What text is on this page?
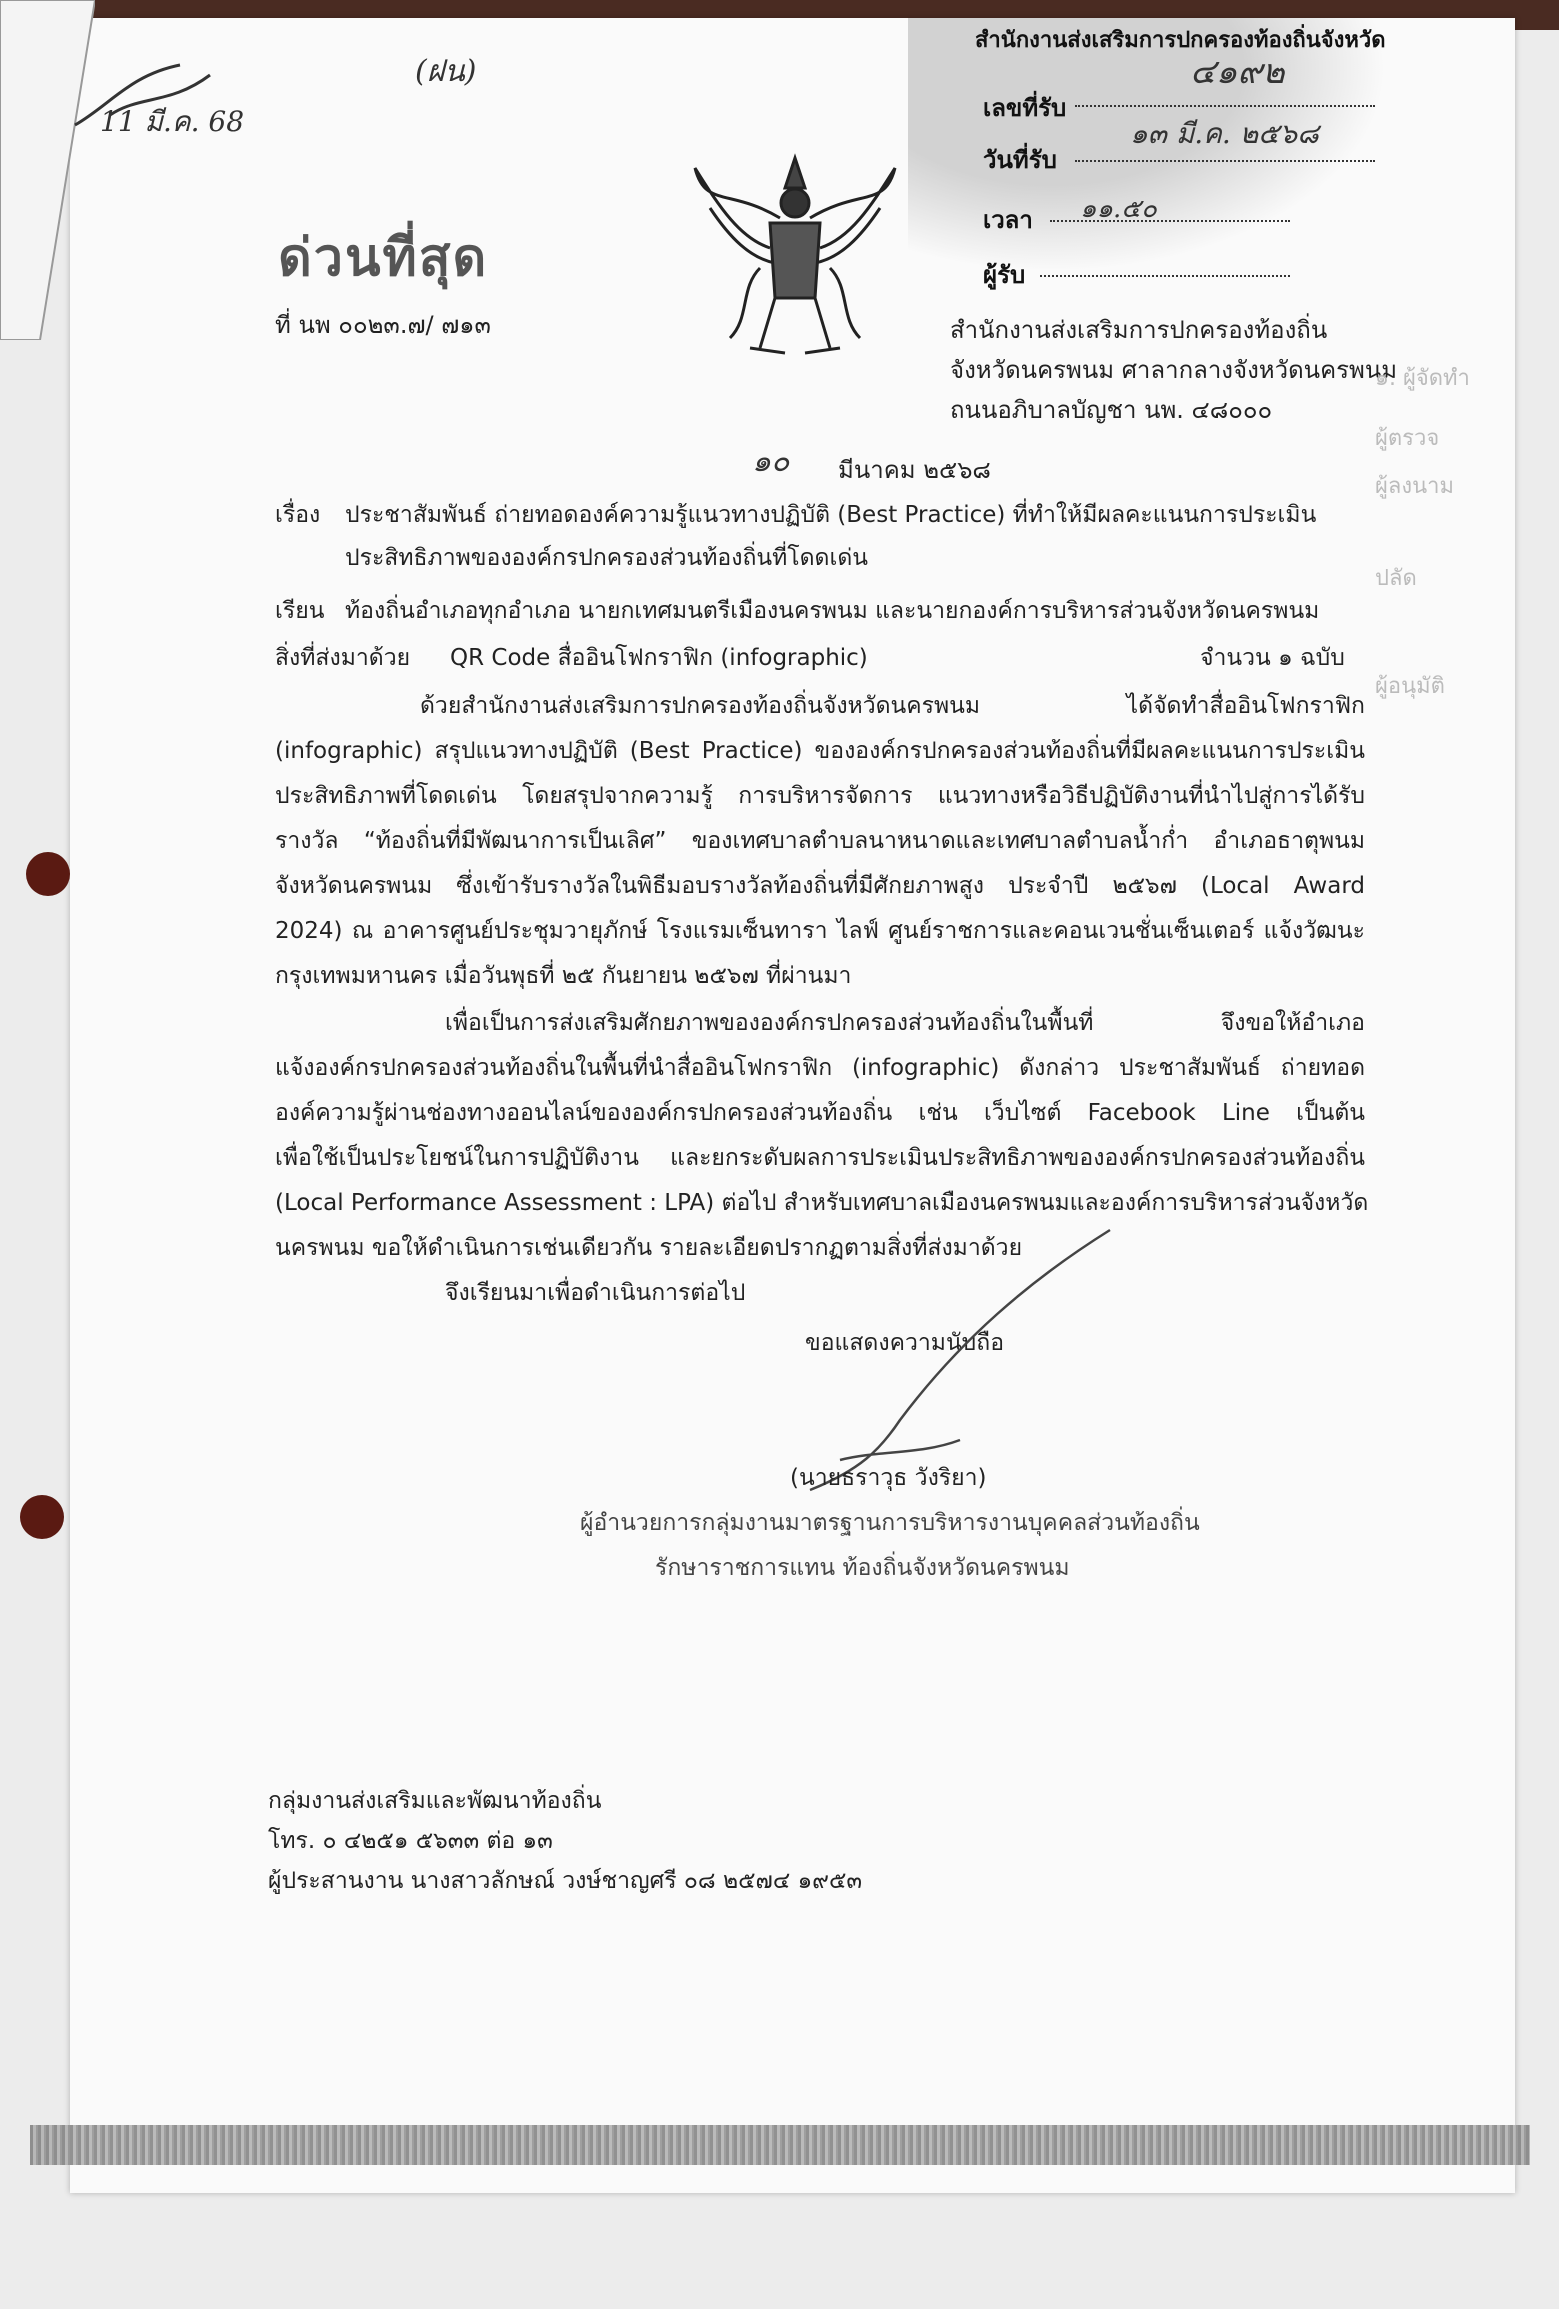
11 มี.ค. 68
(ฝน)
สำนักงานส่งเสริมการปกครองท้องถิ่นจังหวัด
เลขที่รับ
๔๑๙๒
วันที่รับ
๑๓ มี.ค. ๒๕๖๘
เวลา ๑๑.๕๐
ผู้รับ
ด่วนที่สุด
ที่ นพ ๐๐๒๓.๗/ ๗๑๓	สำนักงานส่งเสริมการปกครองท้องถิ่น
จังหวัดนครพนม ศาลากลางจังหวัดนครพนม
ถนนอภิบาลบัญชา นพ. ๔๘๐๐๐
๑๐ มีนาคม ๒๕๖๘
๑. ผู้จัดทำ
ผู้ตรวจ
ผู้ลงนาม
ปลัด
ผู้อนุมัติ
เรื่อง ประชาสัมพันธ์ ถ่ายทอดองค์ความรู้แนวทางปฏิบัติ (Best Practice) ที่ทำให้มีผลคะแนนการประเมิน
ประสิทธิภาพขององค์กรปกครองส่วนท้องถิ่นที่โดดเด่น
เรียน ท้องถิ่นอำเภอทุกอำเภอ นายกเทศมนตรีเมืองนครพนม และนายกองค์การบริหารส่วนจังหวัดนครพนม
สิ่งที่ส่งมาด้วย QR Code สื่ออินโฟกราฟิก (infographic)	จำนวน ๑ ฉบับ
ด้วยสำนักงานส่งเสริมการปกครองท้องถิ่นจังหวัดนครพนม ได้จัดทำสื่ออินโฟกราฟิก
(infographic) สรุปแนวทางปฏิบัติ (Best Practice) ขององค์กรปกครองส่วนท้องถิ่นที่มีผลคะแนนการประเมิน
ประสิทธิภาพที่โดดเด่น โดยสรุปจากความรู้ การบริหารจัดการ แนวทางหรือวิธีปฏิบัติงานที่นำไปสู่การได้รับ
รางวัล “ท้องถิ่นที่มีพัฒนาการเป็นเลิศ” ของเทศบาลตำบลนาหนาดและเทศบาลตำบลน้ำก่ำ อำเภอธาตุพนม
จังหวัดนครพนม ซึ่งเข้ารับรางวัลในพิธีมอบรางวัลท้องถิ่นที่มีศักยภาพสูง ประจำปี ๒๕๖๗ (Local Award
2024) ณ อาคารศูนย์ประชุมวายุภักษ์ โรงแรมเซ็นทารา ไลฟ์ ศูนย์ราชการและคอนเวนชั่นเซ็นเตอร์ แจ้งวัฒนะ
กรุงเทพมหานคร เมื่อวันพุธที่ ๒๕ กันยายน ๒๕๖๗ ที่ผ่านมา
เพื่อเป็นการส่งเสริมศักยภาพขององค์กรปกครองส่วนท้องถิ่นในพื้นที่ จึงขอให้อำเภอ
แจ้งองค์กรปกครองส่วนท้องถิ่นในพื้นที่นำสื่ออินโฟกราฟิก (infographic) ดังกล่าว ประชาสัมพันธ์ ถ่ายทอด
องค์ความรู้ผ่านช่องทางออนไลน์ขององค์กรปกครองส่วนท้องถิ่น เช่น เว็บไซต์ Facebook Line เป็นต้น
เพื่อใช้เป็นประโยชน์ในการปฏิบัติงาน และยกระดับผลการประเมินประสิทธิภาพขององค์กรปกครองส่วนท้องถิ่น
(Local Performance Assessment : LPA) ต่อไป สำหรับเทศบาลเมืองนครพนมและองค์การบริหารส่วนจังหวัด
นครพนม ขอให้ดำเนินการเช่นเดียวกัน รายละเอียดปรากฏตามสิ่งที่ส่งมาด้วย
จึงเรียนมาเพื่อดำเนินการต่อไป
ขอแสดงความนับถือ
(นายธราวุธ วังริยา)
ผู้อำนวยการกลุ่มงานมาตรฐานการบริหารงานบุคคลส่วนท้องถิ่น
รักษาราชการแทน ท้องถิ่นจังหวัดนครพนม
กลุ่มงานส่งเสริมและพัฒนาท้องถิ่น
โทร. ๐ ๔๒๕๑ ๕๖๓๓ ต่อ ๑๓
ผู้ประสานงาน นางสาวลักษณ์ วงษ์ชาญศรี ๐๘ ๒๕๗๔ ๑๙๕๓
